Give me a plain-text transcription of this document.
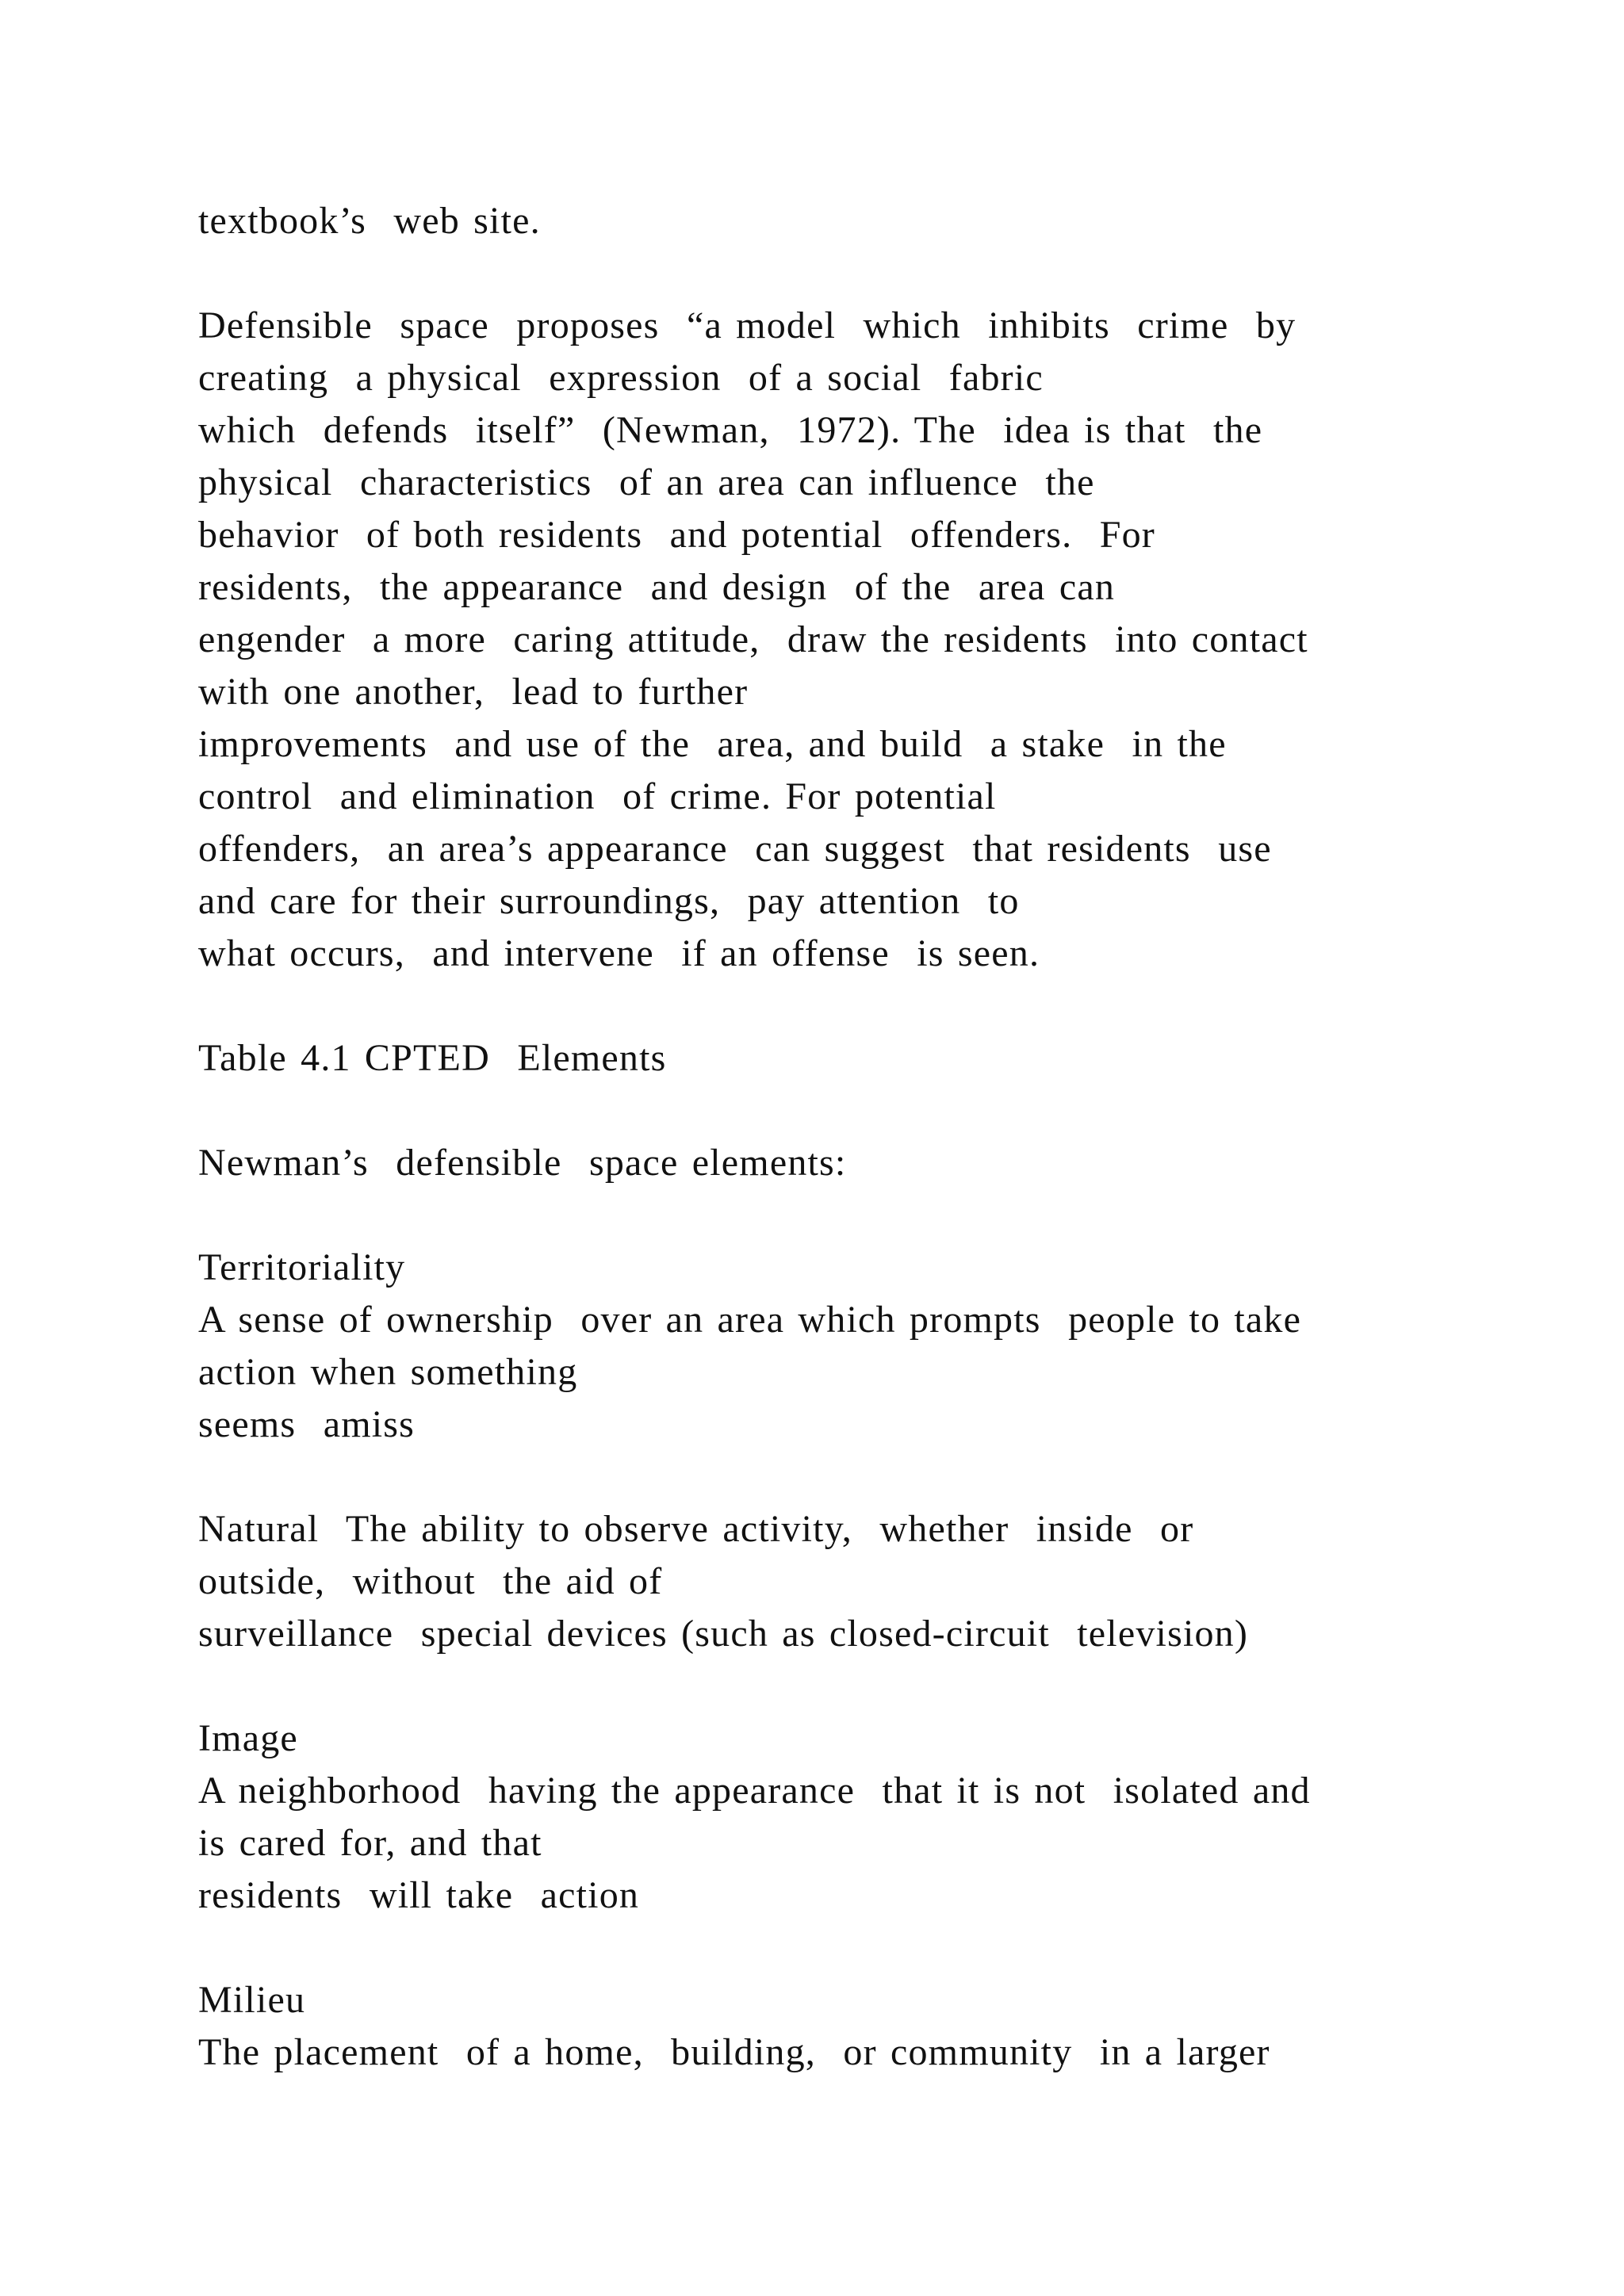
textbook’s  web site.

Defensible  space  proposes  “a model  which  inhibits  crime  by
creating  a physical  expression  of a social  fabric
which  defends  itself”  (Newman,  1972). The  idea is that  the
physical  characteristics  of an area can influence  the
behavior  of both residents  and potential  offenders.  For
residents,  the appearance  and design  of the  area can
engender  a more  caring attitude,  draw the residents  into contact
with one another,  lead to further
improvements  and use of the  area, and build  a stake  in the
control  and elimination  of crime. For potential
offenders,  an area’s appearance  can suggest  that residents  use
and care for their surroundings,  pay attention  to
what occurs,  and intervene  if an offense  is seen.

Table 4.1 CPTED  Elements

Newman’s  defensible  space elements:

Territoriality
A sense of ownership  over an area which prompts  people to take
action when something
seems  amiss

Natural  The ability to observe activity,  whether  inside  or
outside,  without  the aid of
surveillance  special devices (such as closed-circuit  television)

Image
A neighborhood  having the appearance  that it is not  isolated and
is cared for, and that
residents  will take  action

Milieu
The placement  of a home,  building,  or community  in a larger
